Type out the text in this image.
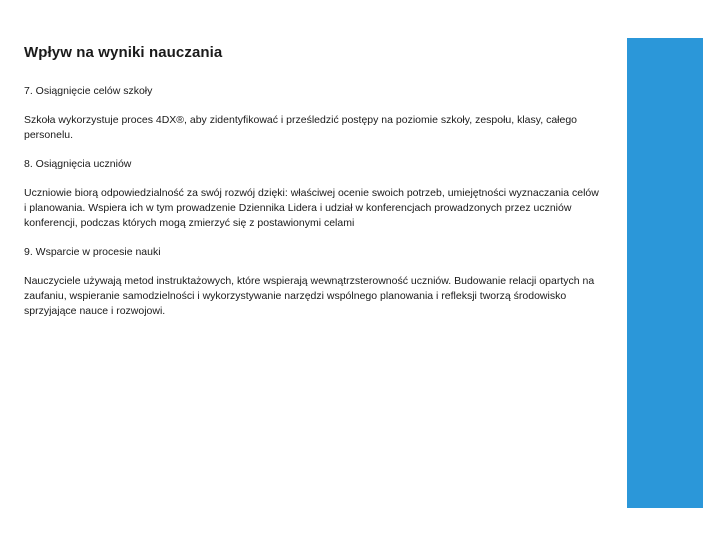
Wpływ na wyniki nauczania
7. Osiągnięcie celów szkoły
Szkoła wykorzystuje proces 4DX®, aby zidentyfikować i prześledzić postępy na poziomie szkoły, zespołu, klasy, całego personelu.
8. Osiągnięcia uczniów
Uczniowie biorą odpowiedzialność za swój rozwój dzięki: właściwej ocenie swoich potrzeb, umiejętności wyznaczania celów i planowania. Wspiera ich w tym prowadzenie Dziennika Lidera i udział w konferencjach prowadzonych przez uczniów konferencji, podczas których mogą zmierzyć się z postawionymi celami
9. Wsparcie w procesie nauki
Nauczyciele używają metod instruktażowych, które wspierają wewnątrzsterowność uczniów. Budowanie relacji opartych na zaufaniu, wspieranie samodzielności i wykorzystywanie narzędzi wspólnego planowania i refleksji tworzą środowisko sprzyjające nauce i rozwojowi.
